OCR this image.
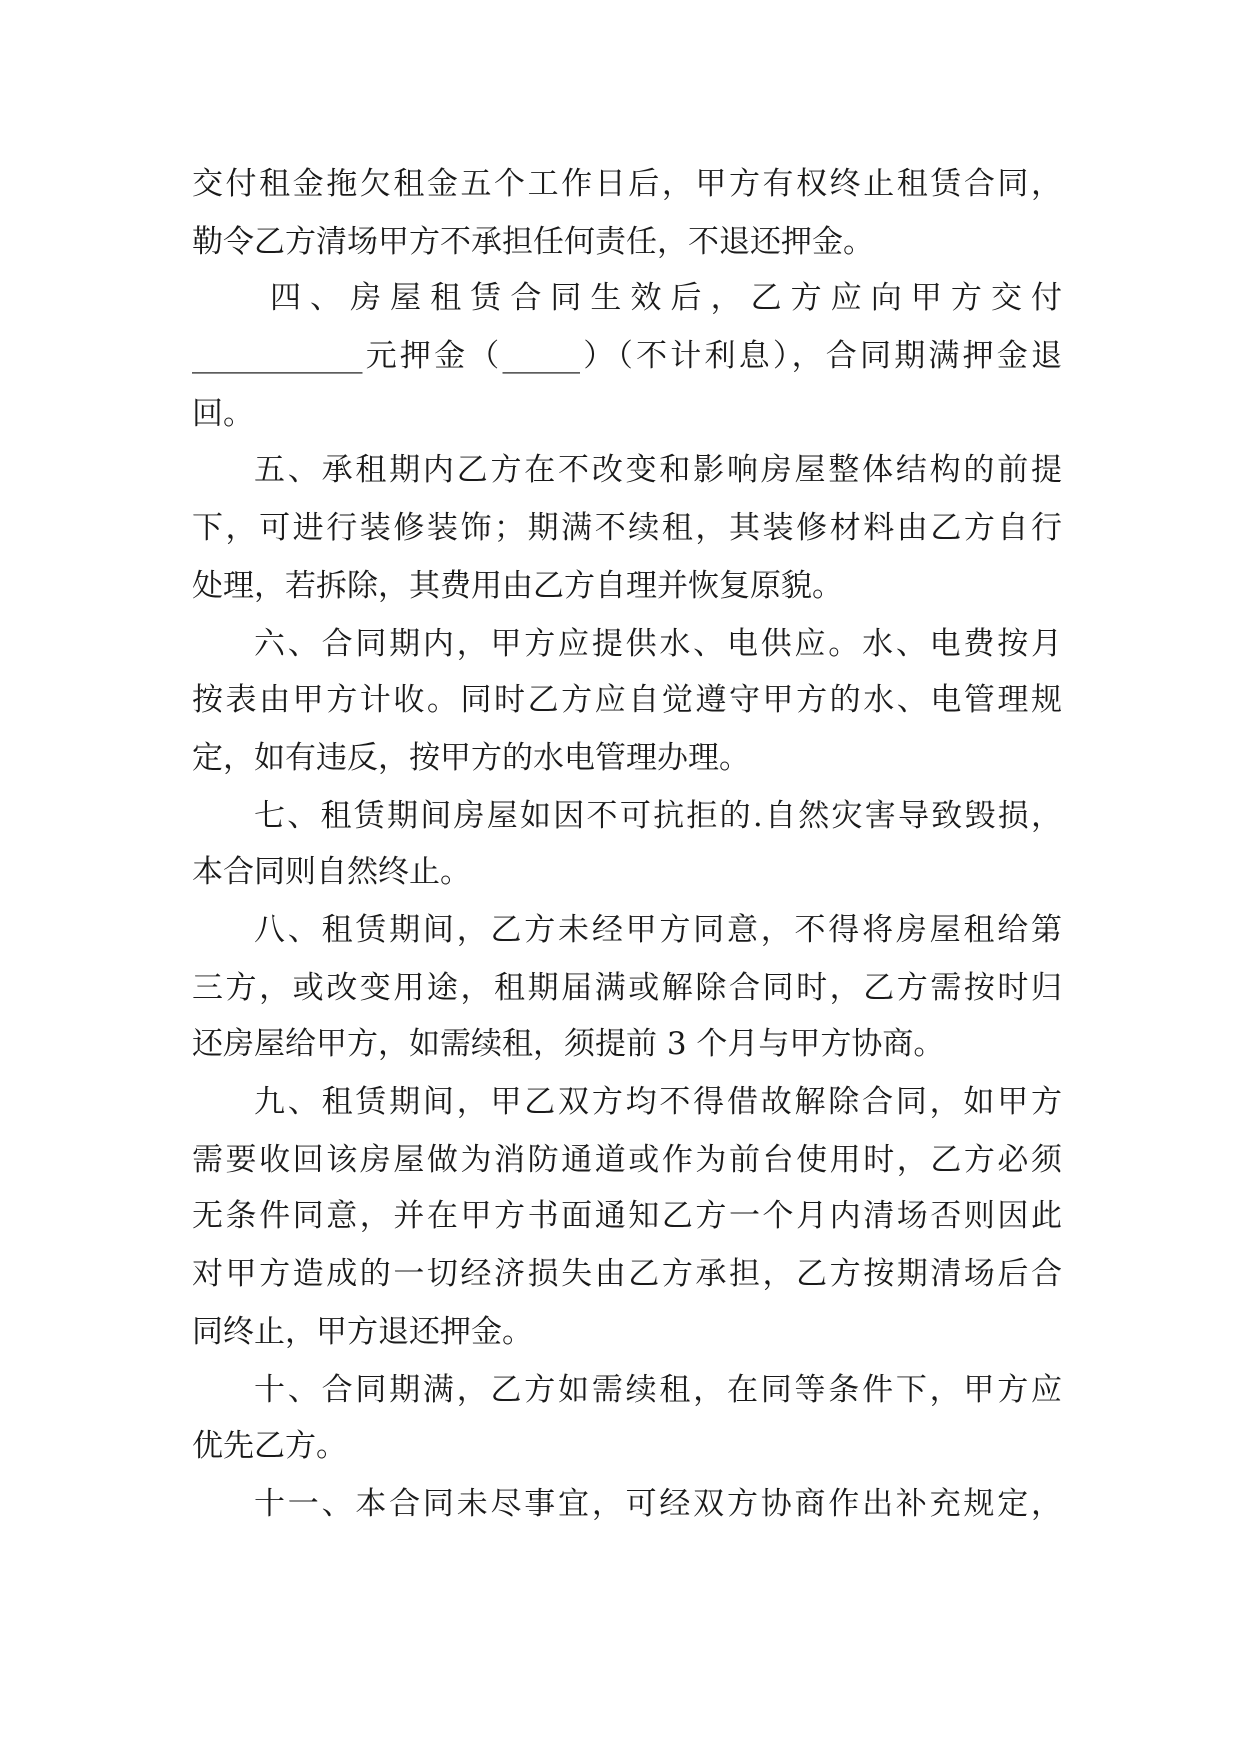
交付租金拖欠租金五个工作日后，甲方有权终止租赁合同，
勒令乙方清场甲方不承担任何责任，不退还押金。
四、房屋租赁合同生效后，乙方应向甲方交付
___________元押金（_____）（不计利息），合同期满押金退
回。
五、承租期内乙方在不改变和影响房屋整体结构的前提
下，可进行装修装饰；期满不续租，其装修材料由乙方自行
处理，若拆除，其费用由乙方自理并恢复原貌。
六、合同期内，甲方应提供水、电供应。水、电费按月
按表由甲方计收。同时乙方应自觉遵守甲方的水、电管理规
定，如有违反，按甲方的水电管理办理。
七、租赁期间房屋如因不可抗拒的.自然灾害导致毁损，
本合同则自然终止。
八、租赁期间，乙方未经甲方同意，不得将房屋租给第
三方，或改变用途，租期届满或解除合同时，乙方需按时归
还房屋给甲方，如需续租，须提前 3 个月与甲方协商。
九、租赁期间，甲乙双方均不得借故解除合同，如甲方
需要收回该房屋做为消防通道或作为前台使用时，乙方必须
无条件同意，并在甲方书面通知乙方一个月内清场否则因此
对甲方造成的一切经济损失由乙方承担，乙方按期清场后合
同终止，甲方退还押金。
十、合同期满，乙方如需续租，在同等条件下，甲方应
优先乙方。
十一、本合同未尽事宜，可经双方协商作出补充规定，
